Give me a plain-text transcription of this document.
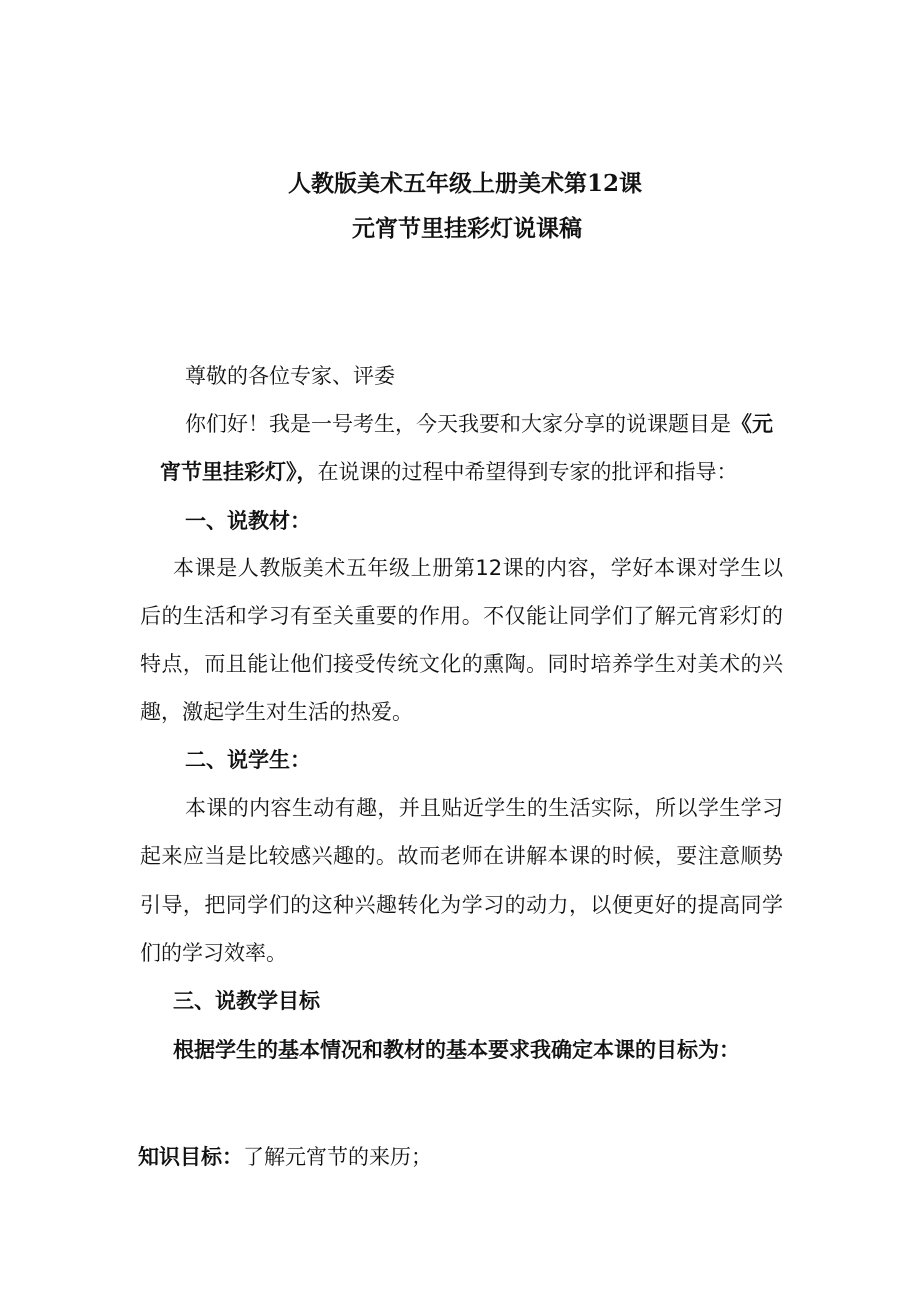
人教版美术五年级上册美术第12课
元宵节里挂彩灯说课稿
尊敬的各位专家、评委
你们好！我是一号考生，今天我要和大家分享的说课题目是《元
宵节里挂彩灯》，在说课的过程中希望得到专家的批评和指导：
一、说教材：
本课是人教版美术五年级上册第12课的内容，学好本课对学生以
后的生活和学习有至关重要的作用。不仅能让同学们了解元宵彩灯的
特点，而且能让他们接受传统文化的熏陶。同时培养学生对美术的兴
趣，激起学生对生活的热爱。
二、说学生：
本课的内容生动有趣，并且贴近学生的生活实际，所以学生学习
起来应当是比较感兴趣的。故而老师在讲解本课的时候，要注意顺势
引导，把同学们的这种兴趣转化为学习的动力，以便更好的提高同学
们的学习效率。
三、说教学目标
根据学生的基本情况和教材的基本要求我确定本课的目标为：
知识目标：了解元宵节的来历；
